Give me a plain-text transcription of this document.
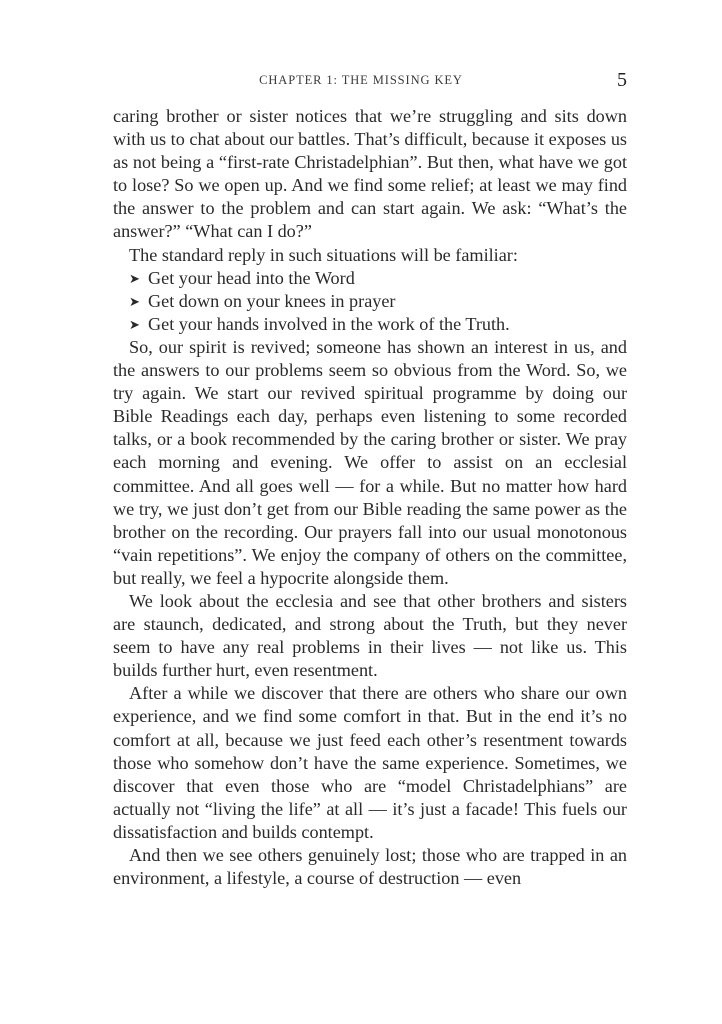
CHAPTER 1: THE MISSING KEY	5

caring brother or sister notices that we’re struggling and sits down with us to chat about our battles. That’s difficult, because it exposes us as not being a “first-rate Christadelphian”. But then, what have we got to lose? So we open up. And we find some relief; at least we may find the answer to the problem and can start again. We ask: “What’s the answer?” “What can I do?”

The standard reply in such situations will be familiar:

➤ Get your head into the Word
➤ Get down on your knees in prayer
➤ Get your hands involved in the work of the Truth.

So, our spirit is revived; someone has shown an interest in us, and the answers to our problems seem so obvious from the Word. So, we try again. We start our revived spiritual programme by doing our Bible Readings each day, perhaps even listening to some recorded talks, or a book recommended by the caring brother or sister. We pray each morning and evening. We offer to assist on an ecclesial committee. And all goes well — for a while. But no matter how hard we try, we just don’t get from our Bible reading the same power as the brother on the recording. Our prayers fall into our usual monotonous “vain repetitions”. We enjoy the company of others on the committee, but really, we feel a hypocrite alongside them.

We look about the ecclesia and see that other brothers and sisters are staunch, dedicated, and strong about the Truth, but they never seem to have any real problems in their lives — not like us. This builds further hurt, even resentment.

After a while we discover that there are others who share our own experience, and we find some comfort in that. But in the end it’s no comfort at all, because we just feed each other’s resentment towards those who somehow don’t have the same experience. Sometimes, we discover that even those who are “model Christadelphians” are actually not “living the life” at all — it’s just a facade! This fuels our dissatisfaction and builds contempt.

And then we see others genuinely lost; those who are trapped in an environment, a lifestyle, a course of destruction — even
